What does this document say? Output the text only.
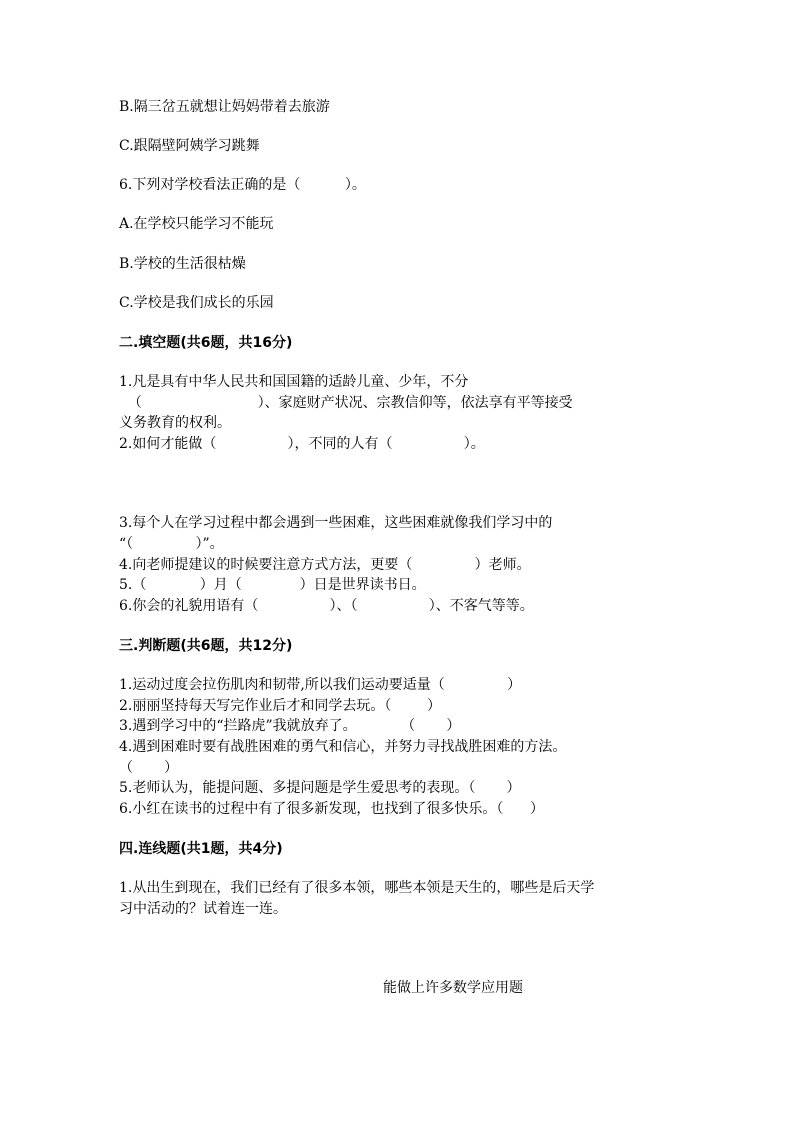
B.隔三岔五就想让妈妈带着去旅游
C.跟隔壁阿姨学习跳舞
6.下列对学校看法正确的是（          ）。
A.在学校只能学习不能玩
B.学校的生活很枯燥
C.学校是我们成长的乐园
二.填空题(共6题，共16分)
1.凡是具有中华人民共和国国籍的适龄儿童、少年，不分
（                          ）、家庭财产状况、宗教信仰等，依法享有平等接受
义务教育的权利。
2.如何才能做（                ），不同的人有（                ）。
3.每个人在学习过程中都会遇到一些困难，这些困难就像我们学习中的
“（              ）”。
4.向老师提建议的时候要注意方式方法，更要（              ）老师。
5.（            ）月（             ）日是世界读书日。
6.你会的礼貌用语有（                ）、（                ）、不客气等等。
三.判断题(共6题，共12分)
1.运动过度会拉伤肌肉和韧带,所以我们运动要适量（              ）
2.丽丽坚持每天写完作业后才和同学去玩。（        ）
3.遇到学习中的“拦路虎”我就放弃了。          （       ）
4.遇到困难时要有战胜困难的勇气和信心，并努力寻找战胜困难的方法。
（       ）
5.老师认为，能提问题、多提问题是学生爱思考的表现。（       ）
6.小红在读书的过程中有了很多新发现，也找到了很多快乐。（      ）
四.连线题(共1题，共4分)
1.从出生到现在，我们已经有了很多本领，哪些本领是天生的，哪些是后天学
习中活动的？试着连一连。
能做上许多数学应用题
